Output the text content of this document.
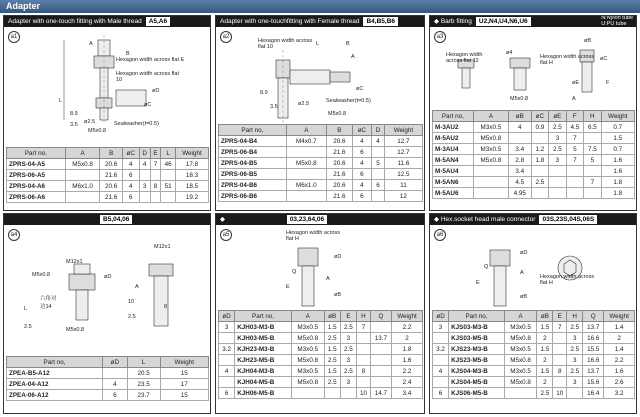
Adapter
Adapter with one-touch fitting with Male thread A5,A6
a1
A
B
Hexagon width across flat E
Hexagon width across flat 10
L
M5x0.8
Sealwasher(t=0.5)
øD
øC
ø2.5
3.5
8.9
Part no,	A	B	øC	D	E	L	Weight
ZPRS-04-A5	M5x0.8	20.6	4	4	7	46	17.8
ZPRS-06-A5		21.6	6				18.3
ZPRS-04-A6	M6x1.0	20.6	4	3	8	51	18.5
ZPRS-06-A6		21.6	6				19.2
Adapter with one-touchfitting with Female thread B4,B5,B6
a2
Hexagon width across flat 10
A
øC
Sealwasher(t=0.5)
M5x0.8
8.9
ø2.5
3.5
B
L
Part no,	A	B	øC	D	Weight
ZPRS-04-B4	M4x0.7	20.6	4	4	12.7
ZPRS-06-B4		21.6	6		12.7
ZPRS-04-B5	M5x0.8	20.6	4	5	11.6
ZPRS-06-B5		21.6	6		12.5
ZPRS-04-B6	M6x1.0	20.6	4	6	11
ZPRS-06-B6		21.6	6		12
◆ Barb fitting U2,N4,U4,N6,U6	N:Nylon tube
U:PU tube
a3
Hexagon width across flat 12
ø4
Hexagon width across flat H
M5x0.8	A
øB
øC
øE	F
Part no,	A	øB	øC	øE	F	H	Weight
M-3AU2	M3x0.5	4	0.9	2.5	4.5	6.5	0.7
M-5AU2	M5x0.8			3	7		1.5
M-3AU4	M3x0.5	3.4	1.2	2.5	5	7.5	0.7
M-5AN4	M5x0.8	2.8	1.8	3	7	5	1.6
M-5AU4		3.4					1.6
M-5AN6		4.5	2.5			7	1.8
M-5AU6		4.95					1.8
B5,04,06
a4
M12x1
M5x0.8	øD
六角对边14
L
M12x1
A
10
2.5
8
M5x0.8
2.5
Part no,	øD	L	Weight
ZPEA-B5-A12		20.5	15
ZPEA-04-A12	4	23.5	17
ZPEA-06-A12	6	23.7	15
◆	03,23,64,06
a5	Hexagon width across flat H
A
E
Q
øD
øB
øD	Part no,	A	øB	E	H	Q	Weight
3	KJH03-M3-B	M3x0.5	1.5	2.5	7		2.2
	KJH03-M5-B	M5x0.8	2.5	3		13.7	2
3.2	KJH23-M3-B	M3x0.5	1.5	2.5			1.8
	KJH23-M5-B	M5x0.8	2.5	3			1.6
4	KJH04-M3-B	M3x0.5	1.5	2.5	8		2.2
	KJH04-M5-B	M5x0.8	2.5	3			2.4
6	KJH06-M5-B				10	14.7	3.4
◆ Hex.socket head male connector 03S,23S,04S,06S
a6
Hexagon width across flat H
A
E
Q
øD
øB
øD	Part no,	A	øB	E	H	Q	Weight
3	KJS03-M3-B	M3x0.5	1.5	7	2.5	13.7	1.4
	KJS03-M5-B	M5x0.8	2		3	16.6	2
3.2	KJS23-M3-B	M3x0.5	1.5		2.5	15.5	1.4
	KJS23-M5-B	M5x0.8	2		3	16.6	2.2
4	KJS04-M3-B	M3x0.5	1.5	8	2.5	13.7	1.6
	KJS04-M5-B	M5x0.8	2		3	15.6	2.6
6	KJS06-M5-B		2.5	10		16.4	3.2
